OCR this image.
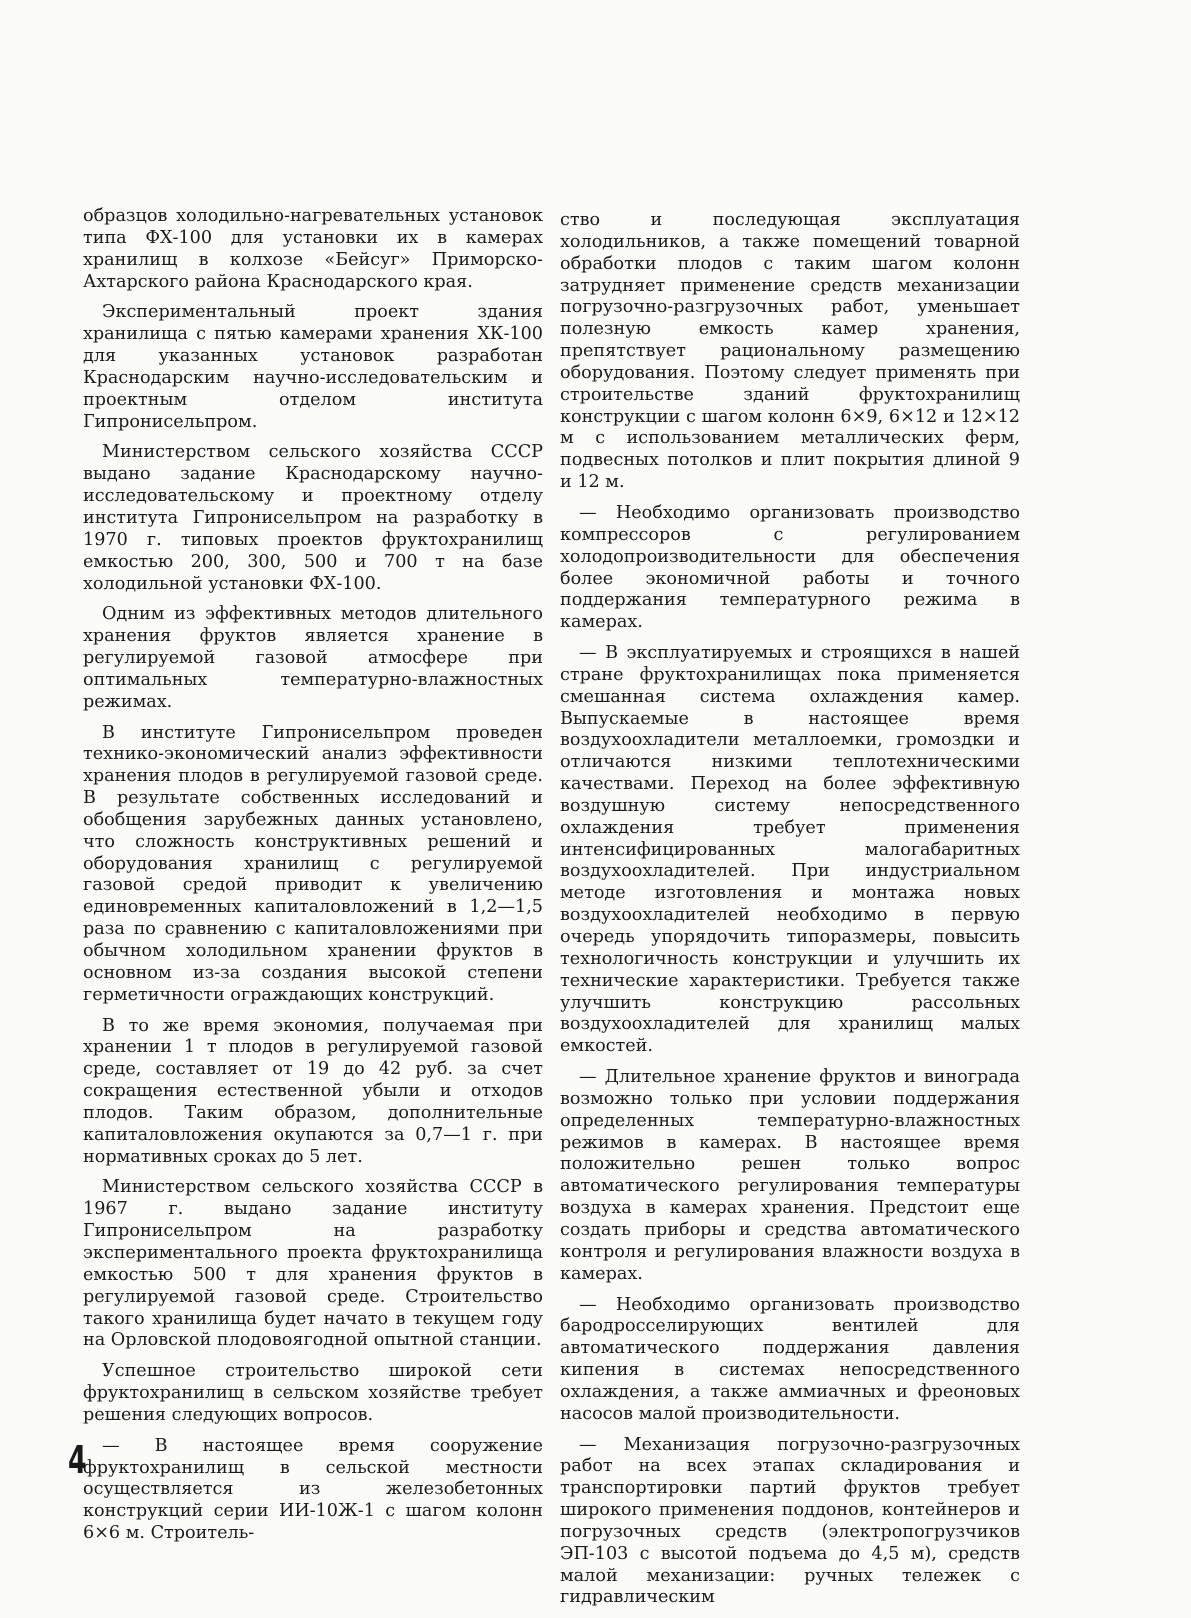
образцов холодильно-нагревательных установок типа ФХ-100 для установки их в камерах хранилищ в колхозе «Бейсуг» Приморско-Ахтарского района Краснодарского края.

Экспериментальный проект здания хранилища с пятью камерами хранения ХК-100 для указанных установок разработан Краснодарским научно-исследовательским и проектным отделом института Гипронисельпром.

Министерством сельского хозяйства СССР выдано задание Краснодарскому научно-исследовательскому и проектному отделу института Гипронисельпром на разработку в 1970 г. типовых проектов фруктохранилищ емкостью 200, 300, 500 и 700 т на базе холодильной установки ФХ-100.

Одним из эффективных методов длительного хранения фруктов является хранение в регулируемой газовой атмосфере при оптимальных температурно-влажностных режимах.

В институте Гипронисельпром проведен технико-экономический анализ эффективности хранения плодов в регулируемой газовой среде. В результате собственных исследований и обобщения зарубежных данных установлено, что сложность конструктивных решений и оборудования хранилищ с регулируемой газовой средой приводит к увеличению единовременных капиталовложений в 1,2—1,5 раза по сравнению с капиталовложениями при обычном холодильном хранении фруктов в основном из-за создания высокой степени герметичности ограждающих конструкций.

В то же время экономия, получаемая при хранении 1 т плодов в регулируемой газовой среде, составляет от 19 до 42 руб. за счет сокращения естественной убыли и отходов плодов. Таким образом, дополнительные капиталовложения окупаются за 0,7—1 г. при нормативных сроках до 5 лет.

Министерством сельского хозяйства СССР в 1967 г. выдано задание институту Гипронисельпром на разработку экспериментального проекта фруктохранилища емкостью 500 т для хранения фруктов в регулируемой газовой среде. Строительство такого хранилища будет начато в текущем году на Орловской плодовоягодной опытной станции.

Успешное строительство широкой сети фруктохранилищ в сельском хозяйстве требует решения следующих вопросов.

— В настоящее время сооружение фруктохранилищ в сельской местности осуществляется из железобетонных конструкций серии ИИ-10Ж-1 с шагом колонн 6×6 м. Строитель-

ство и последующая эксплуатация холодильников, а также помещений товарной обработки плодов с таким шагом колонн затрудняет применение средств механизации погрузочно-разгрузочных работ, уменьшает полезную емкость камер хранения, препятствует рациональному размещению оборудования. Поэтому следует применять при строительстве зданий фруктохранилищ конструкции с шагом колонн 6×9, 6×12 и 12×12 м с использованием металлических ферм, подвесных потолков и плит покрытия длиной 9 и 12 м.

— Необходимо организовать производство компрессоров с регулированием холодопроизводительности для обеспечения более экономичной работы и точного поддержания температурного режима в камерах.

— В эксплуатируемых и строящихся в нашей стране фруктохранилищах пока применяется смешанная система охлаждения камер. Выпускаемые в настоящее время воздухоохладители металлоемки, громоздки и отличаются низкими теплотехническими качествами. Переход на более эффективную воздушную систему непосредственного охлаждения требует применения интенсифицированных малогабаритных воздухоохладителей. При индустриальном методе изготовления и монтажа новых воздухоохладителей необходимо в первую очередь упорядочить типоразмеры, повысить технологичность конструкции и улучшить их технические характеристики. Требуется также улучшить конструкцию рассольных воздухоохладителей для хранилищ малых емкостей.

— Длительное хранение фруктов и винограда возможно только при условии поддержания определенных температурно-влажностных режимов в камерах. В настоящее время положительно решен только вопрос автоматического регулирования температуры воздуха в камерах хранения. Предстоит еще создать приборы и средства автоматического контроля и регулирования влажности воздуха в камерах.

— Необходимо организовать производство бародросселирующих вентилей для автоматического поддержания давления кипения в системах непосредственного охлаждения, а также аммиачных и фреоновых насосов малой производительности.

— Механизация погрузочно-разгрузочных работ на всех этапах складирования и транспортировки партий фруктов требует широкого применения поддонов, контейнеров и погрузочных средств (электропогрузчиков ЭП-103 с высотой подъема до 4,5 м), средств малой механизации: ручных тележек с гидравлическим

4
